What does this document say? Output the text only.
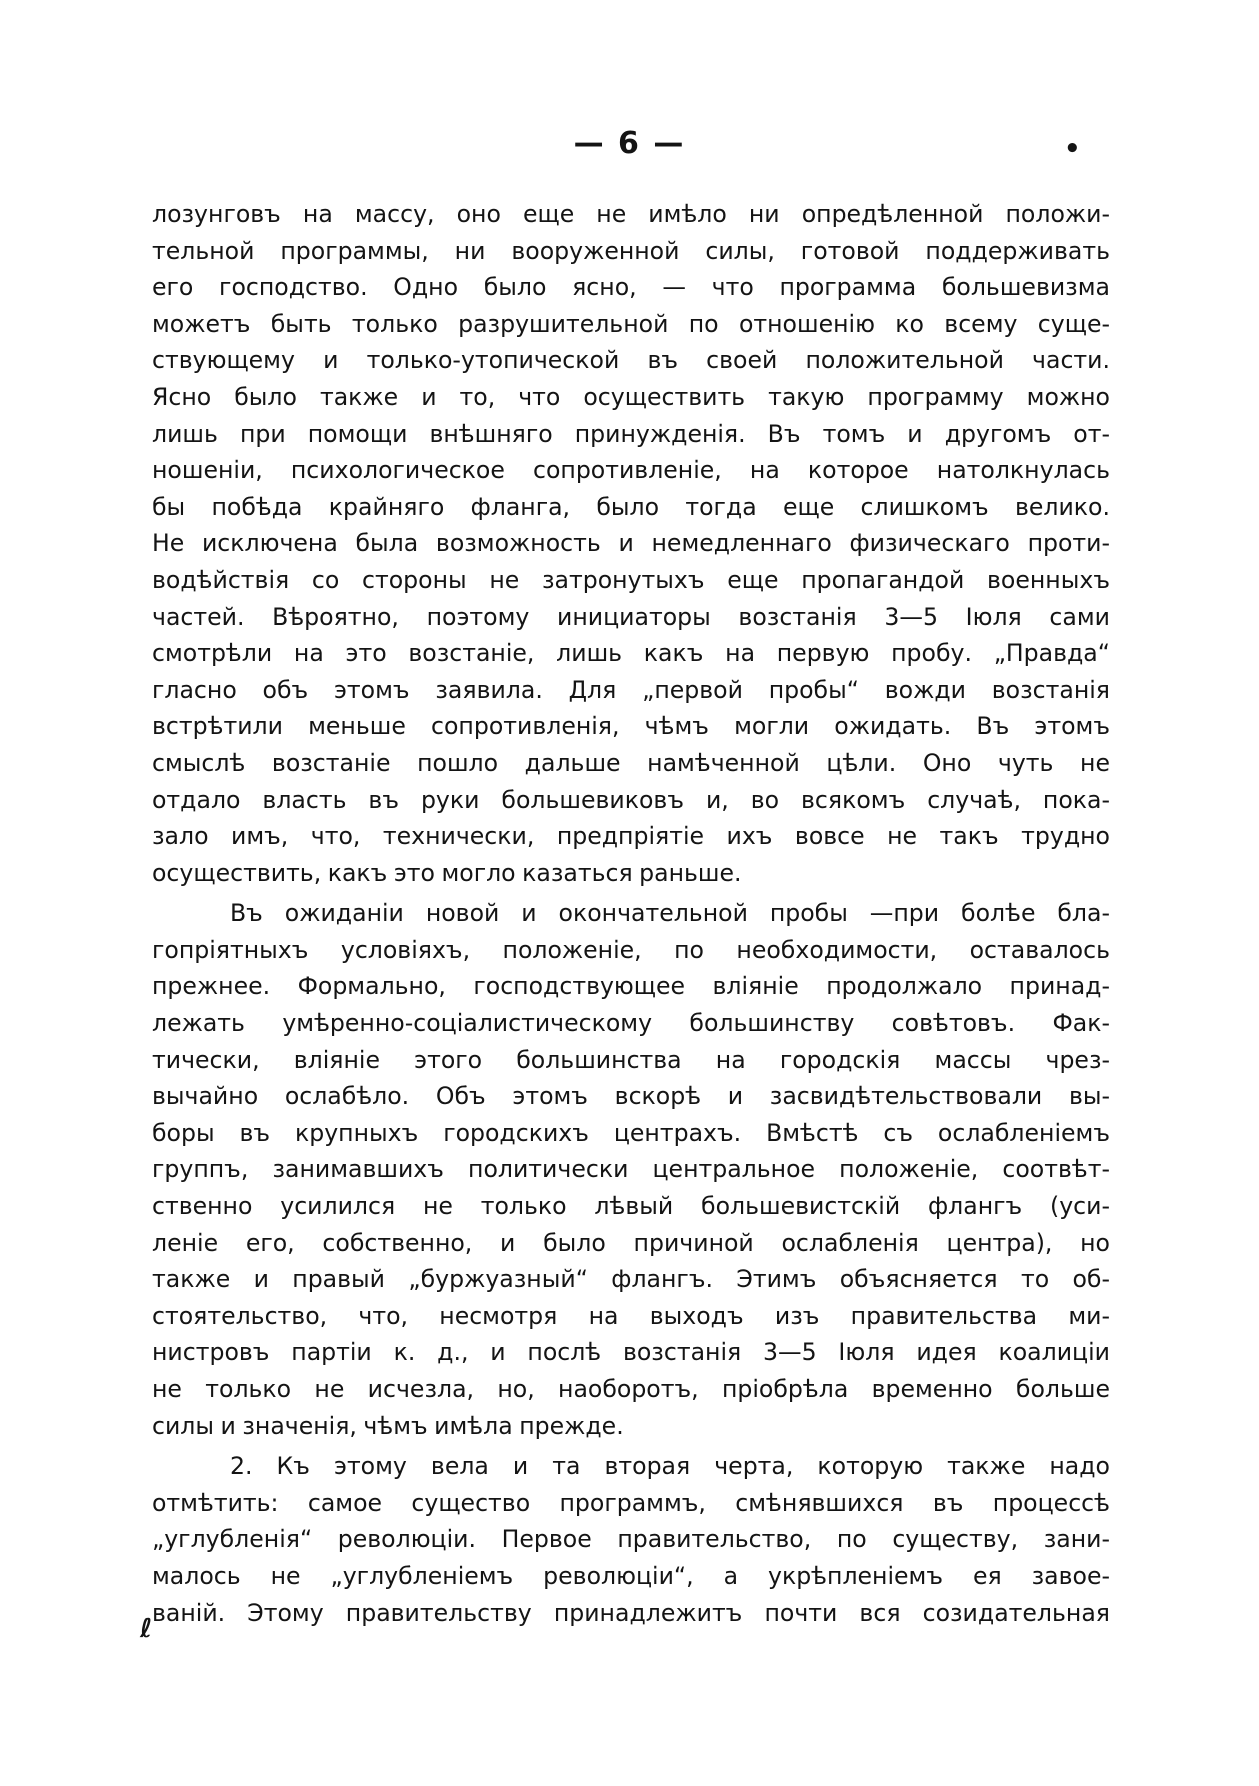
— 6 —	•
лозунговъ на массу, оно еще не имѣло ни опредѣленной положи-
тельной программы, ни вооруженной силы, готовой поддерживать
его господство. Одно было ясно, — что программа большевизма
можетъ быть только разрушительной по отношенію ко всему суще-
ствующему и только-утопической въ своей положительной части.
Ясно было также и то, что осуществить такую программу можно
лишь при помощи внѣшняго принужденія. Въ томъ и другомъ от-
ношеніи, психологическое сопротивленіе, на которое натолкнулась
бы побѣда крайняго фланга, было тогда еще слишкомъ велико.
Не исключена была возможность и немедленнаго физическаго проти-
водѣйствія со стороны не затронутыхъ еще пропагандой военныхъ
частей. Вѣроятно, поэтому инициаторы возстанія 3—5 Іюля сами
смотрѣли на это возстаніе, лишь какъ на первую пробу. „Правда“
гласно объ этомъ заявила. Для „первой пробы“ вожди возстанія
встрѣтили меньше сопротивленія, чѣмъ могли ожидать. Въ этомъ
смыслѣ возстаніе пошло дальше намѣченной цѣли. Оно чуть не
отдало власть въ руки большевиковъ и, во всякомъ случаѣ, пока-
зало имъ, что, технически, предпріятіе ихъ вовсе не такъ трудно
осуществить, какъ это могло казаться раньше.
Въ ожиданіи новой и окончательной пробы —при болѣе бла-
гопріятныхъ условіяхъ, положеніе, по необходимости, оставалось
прежнее. Формально, господствующее вліяніе продолжало принад-
лежать умѣренно-соціалистическому большинству совѣтовъ. Фак-
тически, вліяніе этого большинства на городскія массы чрез-
вычайно ослабѣло. Объ этомъ вскорѣ и засвидѣтельствовали вы-
боры въ крупныхъ городскихъ центрахъ. Вмѣстѣ съ ослабленіемъ
группъ, занимавшихъ политически центральное положеніе, соотвѣт-
ственно усилился не только лѣвый большевистскій флангъ (уси-
леніе его, собственно, и было причиной ослабленія центра), но
также и правый „буржуазный“ флангъ. Этимъ объясняется то об-
стоятельство, что, несмотря на выходъ изъ правительства ми-
нистровъ партіи к. д., и послѣ возстанія 3—5 Іюля идея коалиціи
не только не исчезла, но, наоборотъ, пріобрѣла временно больше
силы и значенія, чѣмъ имѣла прежде.
2. Къ этому вела и та вторая черта, которую также надо
отмѣтить: самое существо программъ, смѣнявшихся въ процессѣ
„углубленія“ революціи. Первое правительство, по существу, зани-
малось не „углубленіемъ революціи“, а укрѣпленіемъ ея завое-
ваній. Этому правительству принадлежитъ почти вся созидательная
ℓ
